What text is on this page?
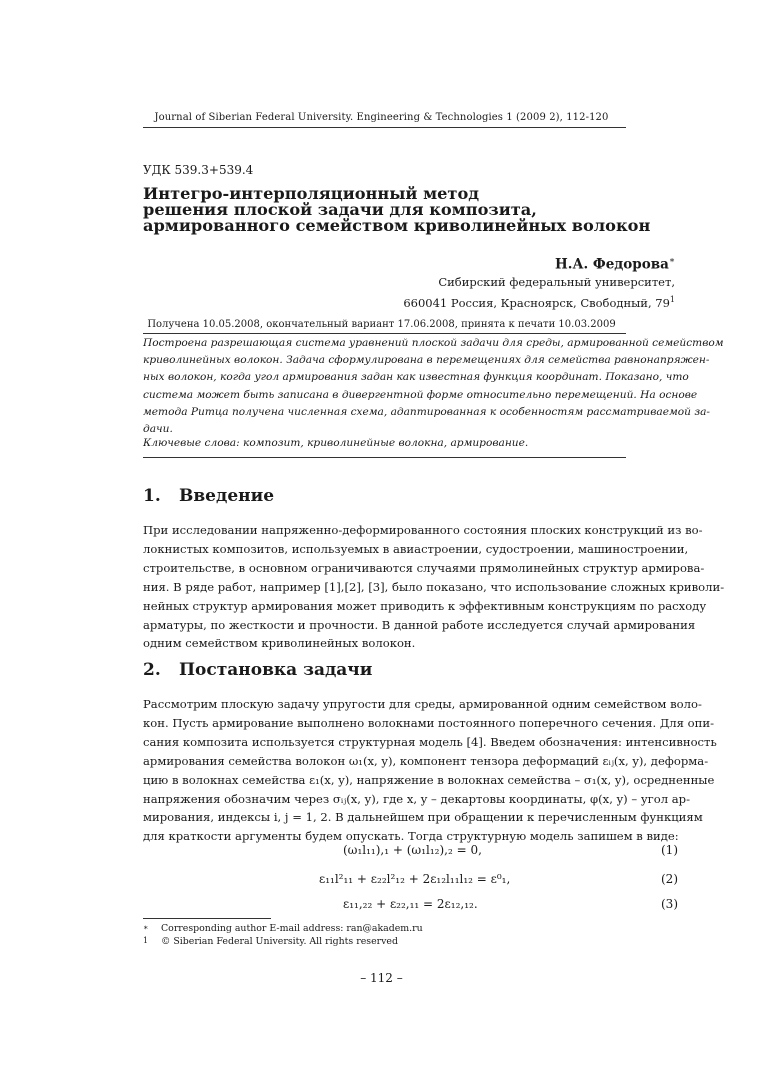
Journal of Siberian Federal University. Engineering & Technologies 1 (2009 2), 112-120
УДК 539.3+539.4
Интегро-интерполяционный метод
решения плоской задачи для композита,
армированного семейством криволинейных волокон
Н.А. Федорова∗
Сибирский федеральный университет,
660041 Россия, Красноярск, Свободный, $79^1$
Получена 10.05.2008, окончательный вариант 17.06.2008, принята к печати 10.03.2009
Построена разрешающая система уравнений плоской задачи для среды, армированной семейством
криволинейных волокон. Задача сформулирована в перемещениях для семейства равнонапряжен-
ных волокон, когда угол армирования задан как известная функция координат. Показано, что
система может быть записана в дивергентной форме относительно перемещений. На основе
метода Ритца получена численная схема, адаптированная к особенностям рассматриваемой за-
дачи.
Ключевые слова: композит, криволинейные волокна, армирование.
1. Введение
При исследовании напряженно-деформированного состояния плоских конструкций из во-
локнистых композитов, используемых в авиастроении, судостроении, машиностроении,
строительстве, в основном ограничиваются случаями прямолинейных структур армирова-
ния. В ряде работ, например [1],[2], [3], было показано, что использование сложных криволи-
нейных структур армирования может приводить к эффективным конструкциям по расходу
арматуры, по жесткости и прочности. В данной работе исследуется случай армирования
одним семейством криволинейных волокон.
2. Постановка задачи
Рассмотрим плоскую задачу упругости для среды, армированной одним семейством воло-
кон. Пусть армирование выполнено волокнами постоянного поперечного сечения. Для опи-
сания композита используется структурная модель [4]. Введем обозначения: интенсивность
армирования семейства волокон ω₁(x, y), компонент тензора деформаций εᵢⱼ(x, y), деформа-
цию в волокнах семейства ε₁(x, y), напряжение в волокнах семейства – σ₁(x, y), осредненные
напряжения обозначим через σᵢⱼ(x, y), где x, y – декартовы координаты, φ(x, y) – угол ар-
мирования, индексы i, j = 1, 2. В дальнейшем при обращении к перечисленным функциям
для краткости аргументы будем опускать. Тогда структурную модель запишем в виде:
(ω₁l₁₁),₁ + (ω₁l₁₂),₂ = 0,	(1)
ε₁₁l²₁₁ + ε₂₂l²₁₂ + 2ε₁₂l₁₁l₁₂ = ε⁰₁,	(2)
ε₁₁,₂₂ + ε₂₂,₁₁ = 2ε₁₂,₁₂.	(3)
∗ Corresponding author E-mail address: ran@akadem.ru
1 © Siberian Federal University. All rights reserved
– 112 –
